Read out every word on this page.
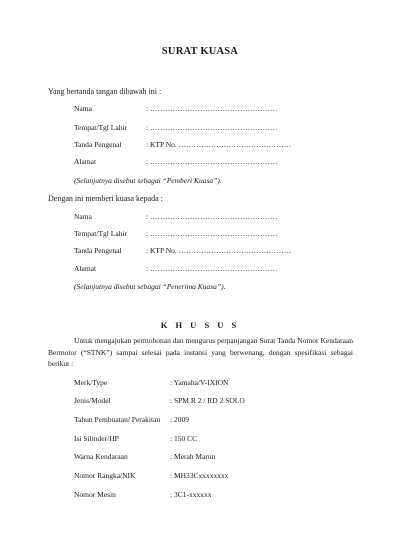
SURAT KUASA
Yang bertanda tangan dibawah ini :
Nama	: ……………………………………………
Tempat/Tgl Lahir	: ……………………………………………
Tanda Pengenal	: KTP No. ………………………………………
Alamat	: ……………………………………………
(Selanjutnya disebut sebagai “Pemberi Kuasa”).
Dengan ini memberi kuasa kepada :
Nama	: ……………………………………………
Tempat/Tgl Lahir	: ……………………………………………
Tanda Pengenal	: KTP No. ………………………………………
Alamat	: ……………………………………………
(Selanjutnya disebut sebagai “Penerima Kuasa”).
K H U S U S
Untuk mengajukan permohonan dan mengurus perpanjangan Surat Tanda Nomor Kendaraan Bermotor (“STNK”) sampai selesai pada instansi yang berwenang, dengan spesifikasi sebagai berikut :
Merk/Type	: Yamaha/V-IXION
Jenis/Model	: SPM R 2 / RD 2 SOLO
Tahun Pembuatan/ Perakitan : 2009
Isi Silinder/HP	: 150 CC
Warna Kendaraan	: Merah Marun
Nomor Rangka/NIK	: MH33Cxxxxxxxx
Nomor Mesin	: 3C1-xxxxxx
